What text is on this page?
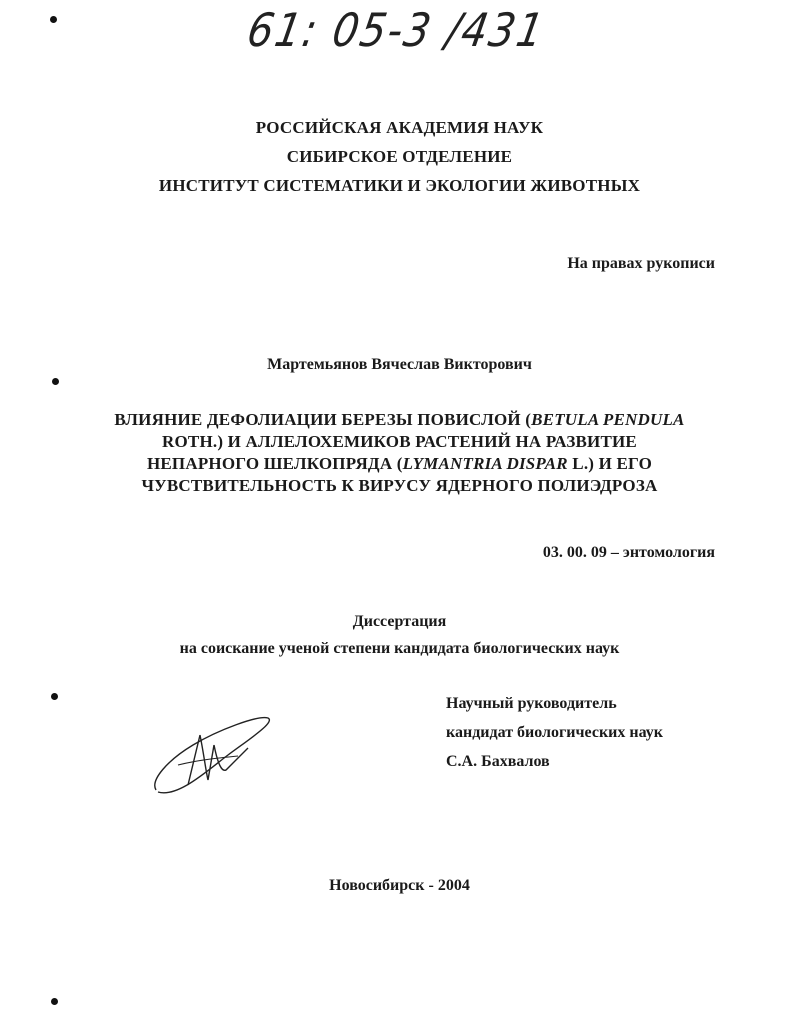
61: 05-3 /431
РОССИЙСКАЯ АКАДЕМИЯ НАУК
СИБИРСКОЕ ОТДЕЛЕНИЕ
ИНСТИТУТ СИСТЕМАТИКИ И ЭКОЛОГИИ ЖИВОТНЫХ
На правах рукописи
Мартемьянов Вячеслав Викторович
ВЛИЯНИЕ ДЕФОЛИАЦИИ БЕРЕЗЫ ПОВИСЛОЙ (BETULA PENDULA
ROTH.) И АЛЛЕЛОХЕМИКОВ РАСТЕНИЙ НА РАЗВИТИЕ
НЕПАРНОГО ШЕЛКОПРЯДА (LYMANTRIA DISPAR L.) И ЕГО
ЧУВСТВИТЕЛЬНОСТЬ К ВИРУСУ ЯДЕРНОГО ПОЛИЭДРОЗА
03. 00. 09 – энтомология
Диссертация
на соискание ученой степени кандидата биологических наук
Научный руководитель
кандидат биологических наук
С.А. Бахвалов
Новосибирск - 2004
